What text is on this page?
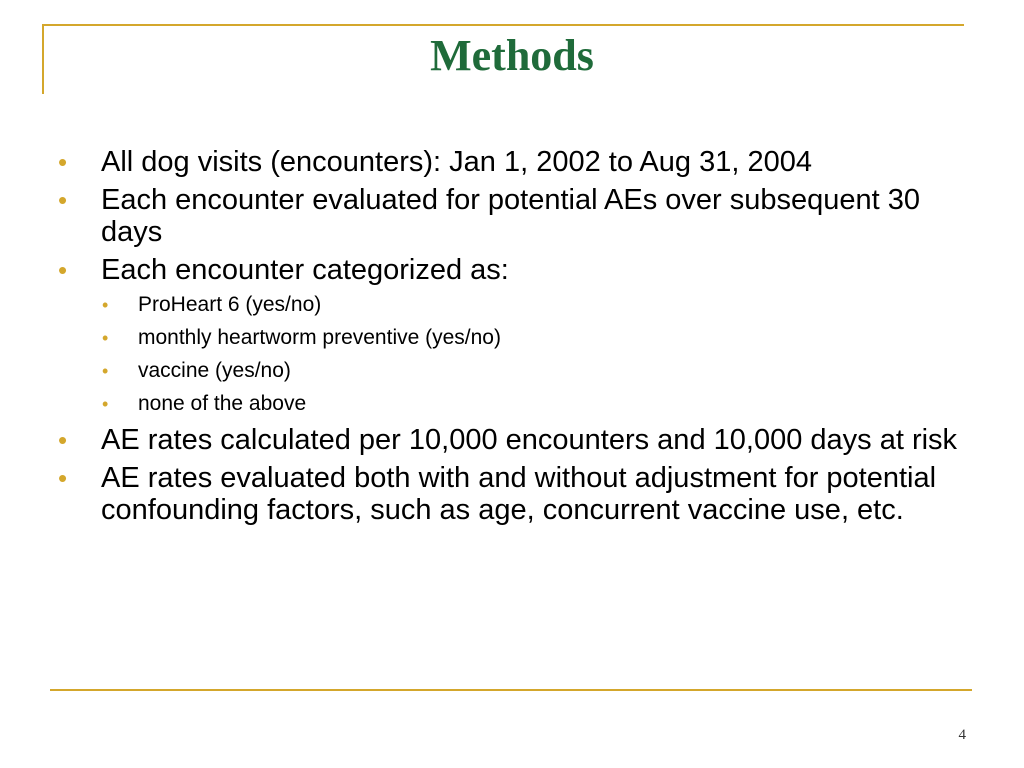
Methods
• All dog visits (encounters): Jan 1, 2002 to Aug 31, 2004
• Each encounter evaluated for potential AEs over subsequent 30 days
• Each encounter categorized as:
• ProHeart 6 (yes/no)
• monthly heartworm preventive (yes/no)
• vaccine (yes/no)
• none of the above
• AE rates calculated per 10,000 encounters and 10,000 days at risk
• AE rates evaluated both with and without adjustment for potential confounding factors, such as age, concurrent vaccine use, etc.
4
